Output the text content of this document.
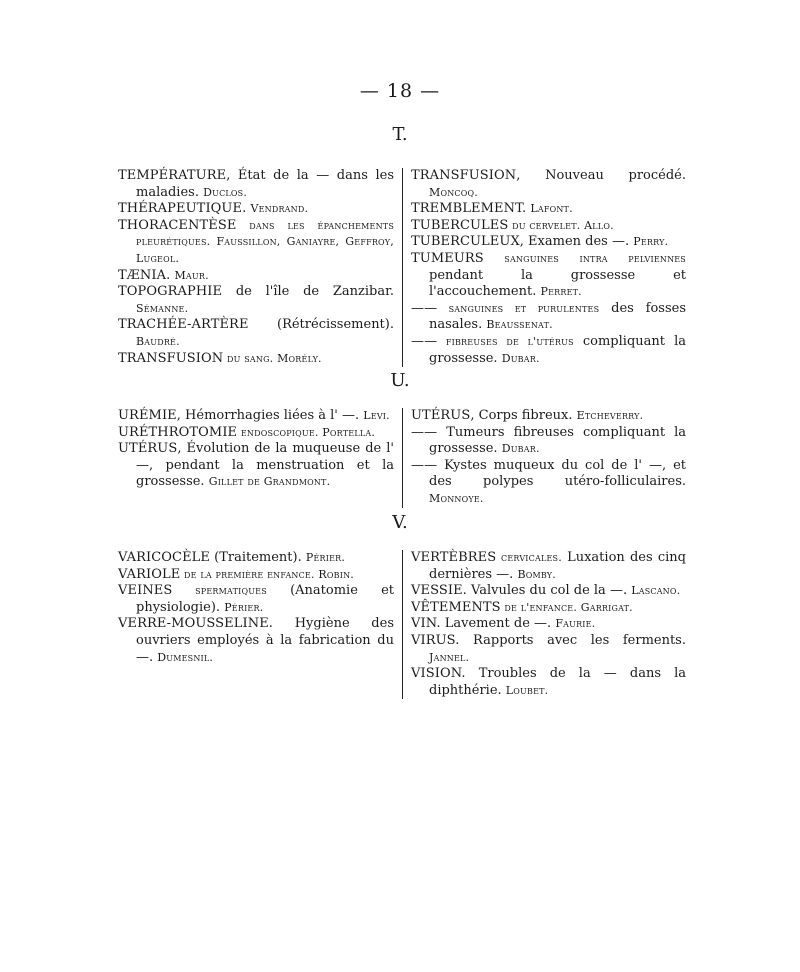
— 18 —
T.

TEMPÉRATURE, État de la — dans les maladies. Duclos.

THÉRAPEUTIQUE. Vendrand.

THORACENTÈSE dans les épanchements pleurétiques. Faussillon, Ganiayre, Geffroy, Lugeol.

TÆNIA. Maur.

TOPOGRAPHIE de l'île de Zanzibar. Sémanne.

TRACHÉE-ARTÈRE (Rétrécissement). Baudré.

TRANSFUSION du sang. Morély.

TRANSFUSION, Nouveau procédé. Moncoq.

TREMBLEMENT. Lafont.

TUBERCULES du cervelet. Allo.

TUBERCULEUX, Examen des —. Perry.

TUMEURS sanguines intra pelviennes pendant la grossesse et l'accouchement. Perret.

—— sanguines et purulentes des fosses nasales. Beaussenat.

—— fibreuses de l'utérus compliquant la grossesse. Dubar.

U.

URÉMIE, Hémorrhagies liées à l' —. Levi.

URÉTHROTOMIE endoscopique. Portella.

UTÉRUS, Évolution de la muqueuse de l' —, pendant la menstruation et la grossesse. Gillet de Grandmont.

UTÉRUS, Corps fibreux. Etcheverry.

—— Tumeurs fibreuses compliquant la grossesse. Dubar.

—— Kystes muqueux du col de l' —, et des polypes utéro-folliculaires. Monnoye.

V.

VARICOCÈLE (Traitement). Périer.

VARIOLE de la première enfance. Robin.

VEINES spermatiques (Anatomie et physiologie). Périer.

VERRE-MOUSSELINE. Hygiène des ouvriers employés à la fabrication du —. Dumesnil.

VERTÈBRES cervicales. Luxation des cinq dernières —. Bomby.

VESSIE. Valvules du col de la —. Lascano.

VÊTEMENTS de l'enfance. Garrigat.

VIN. Lavement de —. Faurie.

VIRUS. Rapports avec les ferments. Jannel.

VISION. Troubles de la — dans la diphthérie. Loubet.
